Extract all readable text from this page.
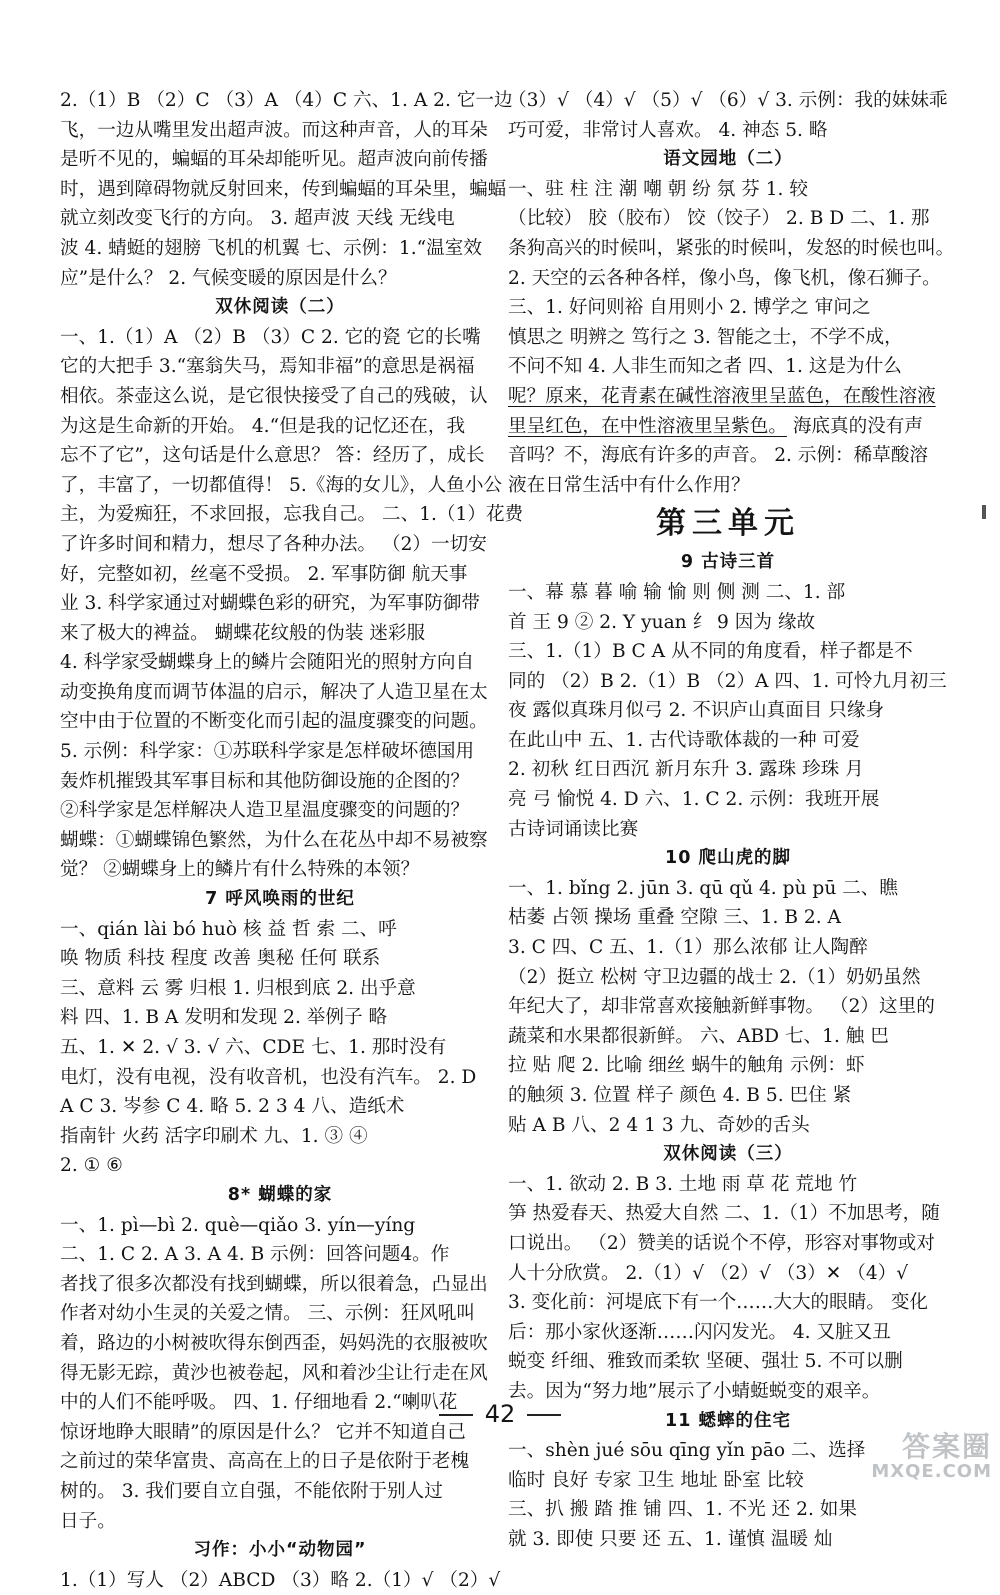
2.（1）B （2）C （3）A （4）C 六、1. A 2. 它一边
飞，一边从嘴里发出超声波。而这种声音，人的耳朵
是听不见的，蝙蝠的耳朵却能听见。超声波向前传播
时，遇到障碍物就反射回来，传到蝙蝠的耳朵里，蝙蝠
就立刻改变飞行的方向。 3. 超声波 天线 无线电
波 4. 蜻蜓的翅膀 飞机的机翼 七、示例：1.“温室效
应”是什么？ 2. 气候变暖的原因是什么？
双休阅读（二）
一、1.（1）A （2）B （3）C 2. 它的瓷 它的长嘴
它的大把手 3.“塞翁失马，焉知非福”的意思是祸福
相依。茶壶这么说，是它很快接受了自己的残破，认
为这是生命新的开始。 4.“但是我的记忆还在，我
忘不了它”，这句话是什么意思？ 答：经历了，成长
了，丰富了，一切都值得！ 5.《海的女儿》，人鱼小公
主，为爱痴狂，不求回报，忘我自己。 二、1.（1）花费
了许多时间和精力，想尽了各种办法。 （2）一切安
好，完整如初，丝毫不受损。 2. 军事防御 航天事
业 3. 科学家通过对蝴蝶色彩的研究，为军事防御带
来了极大的裨益。 蝴蝶花纹般的伪装 迷彩服
4. 科学家受蝴蝶身上的鳞片会随阳光的照射方向自
动变换角度而调节体温的启示，解决了人造卫星在太
空中由于位置的不断变化而引起的温度骤变的问题。
5. 示例：科学家：①苏联科学家是怎样破坏德国用
轰炸机摧毁其军事目标和其他防御设施的企图的？
②科学家是怎样解决人造卫星温度骤变的问题的？
蝴蝶：①蝴蝶锦色繁然，为什么在花丛中却不易被察
觉？ ②蝴蝶身上的鳞片有什么特殊的本领？
7 呼风唤雨的世纪
一、qián lài bó huò 核 益 哲 索 二、呼
唤 物质 科技 程度 改善 奥秘 任何 联系
三、意料 云 雾 归根 1. 归根到底 2. 出乎意
料 四、1. B A 发明和发现 2. 举例子 略
五、1. ✕ 2. √ 3. √ 六、CDE 七、1. 那时没有
电灯，没有电视，没有收音机，也没有汽车。 2. D
A C 3. 岑参 C 4. 略 5. 2 3 4 八、造纸术
指南针 火药 活字印刷术 九、1. ③ ④
2. ① ⑥
8* 蝴蝶的家
一、1. pì—bì 2. què—qiǎo 3. yín—yíng
二、1. C 2. A 3. A 4. B 示例：回答问题4。作
者找了很多次都没有找到蝴蝶，所以很着急，凸显出
作者对幼小生灵的关爱之情。 三、示例：狂风吼叫
着，路边的小树被吹得东倒西歪，妈妈洗的衣服被吹
得无影无踪，黄沙也被卷起，风和着沙尘让行走在风
中的人们不能呼吸。 四、1. 仔细地看 2.“喇叭花
惊讶地睁大眼睛”的原因是什么？ 它并不知道自己
之前过的荣华富贵、高高在上的日子是依附于老槐
树的。 3. 我们要自立自强，不能依附于别人过
日子。
习作：小小“动物园”
1.（1）写人 （2）ABCD （3）略 2.（1）√ （2）√
（3）√ （4）√ （5）√ （6）√ 3. 示例：我的妹妹乖
巧可爱，非常讨人喜欢。 4. 神态 5. 略
语文园地（二）
一、驻 柱 注 潮 嘲 朝 纷 氛 芬 1. 较
（比较） 胶（胶布） 饺（饺子） 2. B D 二、1. 那
条狗高兴的时候叫，紧张的时候叫，发怒的时候也叫。
2. 天空的云各种各样，像小鸟，像飞机，像石狮子。
三、1. 好问则裕 自用则小 2. 博学之 审问之
慎思之 明辨之 笃行之 3. 智能之士，不学不成，
不问不知 4. 人非生而知之者 四、1. 这是为什么
呢？原来，花青素在碱性溶液里呈蓝色，在酸性溶液
里呈红色，在中性溶液里呈紫色。 海底真的没有声
音吗？不，海底有许多的声音。 2. 示例：稀草酸溶
液在日常生活中有什么作用？
第三单元
9 古诗三首
一、幕 慕 暮 喻 输 愉 则 侧 测 二、1. 部
首 王 9 ② 2. Y yuan 纟 9 因为 缘故
三、1.（1）B C A 从不同的角度看，样子都是不
同的 （2）B 2.（1）B （2）A 四、1. 可怜九月初三
夜 露似真珠月似弓 2. 不识庐山真面目 只缘身
在此山中 五、1. 古代诗歌体裁的一种 可爱
2. 初秋 红日西沉 新月东升 3. 露珠 珍珠 月
亮 弓 愉悦 4. D 六、1. C 2. 示例：我班开展
古诗词诵读比赛
10 爬山虎的脚
一、1. bǐng 2. jūn 3. qū qǔ 4. pù pū 二、瞧
枯萎 占领 操场 重叠 空隙 三、1. B 2. A
3. C 四、C 五、1.（1）那么浓郁 让人陶醉
（2）挺立 松树 守卫边疆的战士 2.（1）奶奶虽然
年纪大了，却非常喜欢接触新鲜事物。 （2）这里的
蔬菜和水果都很新鲜。 六、ABD 七、1. 触 巴
拉 贴 爬 2. 比喻 细丝 蜗牛的触角 示例：虾
的触须 3. 位置 样子 颜色 4. B 5. 巴住 紧
贴 A B 八、2 4 1 3 九、奇妙的舌头
双休阅读（三）
一、1. 欲动 2. B 3. 土地 雨 草 花 荒地 竹
笋 热爱春天、热爱大自然 二、1.（1）不加思考，随
口说出。 （2）赞美的话说个不停，形容对事物或对
人十分欣赏。 2.（1）√ （2）√ （3）✕ （4）√
3. 变化前：河堤底下有一个……大大的眼睛。 变化
后：那小家伙逐渐……闪闪发光。 4. 又脏又丑
蜕变 纤细、雅致而柔软 坚硬、强壮 5. 不可以删
去。因为“努力地”展示了小蜻蜓蜕变的艰辛。
11 蟋蟀的住宅
一、shèn jué sōu qīng yǐn pāo 二、选择
临时 良好 专家 卫生 地址 卧室 比较
三、扒 搬 踏 推 铺 四、1. 不光 还 2. 如果
就 3. 即使 只要 还 五、1. 谨慎 温暖 灿
42
答案圈
MXQE.COM
